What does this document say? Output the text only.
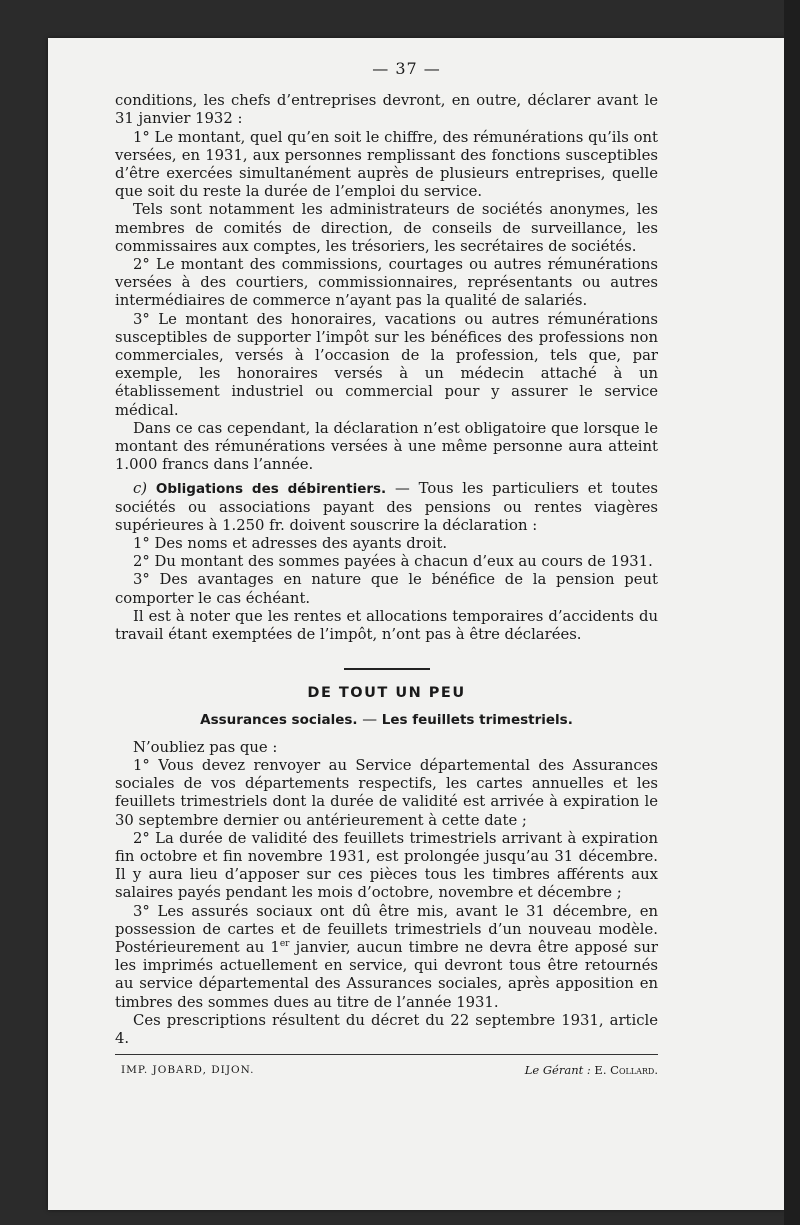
— 37 —

conditions, les chefs d’entreprises devront, en outre, déclarer avant le 31 janvier 1932 :

1° Le montant, quel qu’en soit le chiffre, des rémunérations qu’ils ont versées, en 1931, aux personnes remplissant des fonctions susceptibles d’être exercées simultanément auprès de plusieurs entreprises, quelle que soit du reste la durée de l’emploi du service.

Tels sont notamment les administrateurs de sociétés anonymes, les membres de comités de direction, de conseils de surveillance, les commissaires aux comptes, les trésoriers, les secrétaires de sociétés.

2° Le montant des commissions, courtages ou autres rémunérations versées à des courtiers, commissionnaires, représentants ou autres intermédiaires de commerce n’ayant pas la qualité de salariés.

3° Le montant des honoraires, vacations ou autres rémunérations susceptibles de supporter l’impôt sur les bénéfices des professions non commerciales, versés à l’occasion de la profession, tels que, par exemple, les honoraires versés à un médecin attaché à un établissement industriel ou commercial pour y assurer le service médical.

Dans ce cas cependant, la déclaration n’est obligatoire que lorsque le montant des rémunérations versées à une même personne aura atteint 1.000 francs dans l’année.

c) Obligations des débirentiers. — Tous les particuliers et toutes sociétés ou associations payant des pensions ou rentes viagères supérieures à 1.250 fr. doivent souscrire la déclaration :

1° Des noms et adresses des ayants droit.

2° Du montant des sommes payées à chacun d’eux au cours de 1931.

3° Des avantages en nature que le bénéfice de la pension peut comporter le cas échéant.

Il est à noter que les rentes et allocations temporaires d’accidents du travail étant exemptées de l’impôt, n’ont pas à être déclarées.

DE TOUT UN PEU
Assurances sociales. — Les feuillets trimestriels.

N’oubliez pas que :

1° Vous devez renvoyer au Service départemental des Assurances sociales de vos départements respectifs, les cartes annuelles et les feuillets trimestriels dont la durée de validité est arrivée à expiration le 30 septembre dernier ou antérieurement à cette date ;

2° La durée de validité des feuillets trimestriels arrivant à expiration fin octobre et fin novembre 1931, est prolongée jusqu’au 31 décembre. Il y aura lieu d’apposer sur ces pièces tous les timbres afférents aux salaires payés pendant les mois d’octobre, novembre et décembre ;

3° Les assurés sociaux ont dû être mis, avant le 31 décembre, en possession de cartes et de feuillets trimestriels d’un nouveau modèle. Postérieurement au 1er janvier, aucun timbre ne devra être apposé sur les imprimés actuellement en service, qui devront tous être retournés au service départemental des Assurances sociales, après apposition en timbres des sommes dues au titre de l’année 1931.

Ces prescriptions résultent du décret du 22 septembre 1931, article 4.

IMP. JOBARD, DIJON.	Le Gérant : E. Collard.
